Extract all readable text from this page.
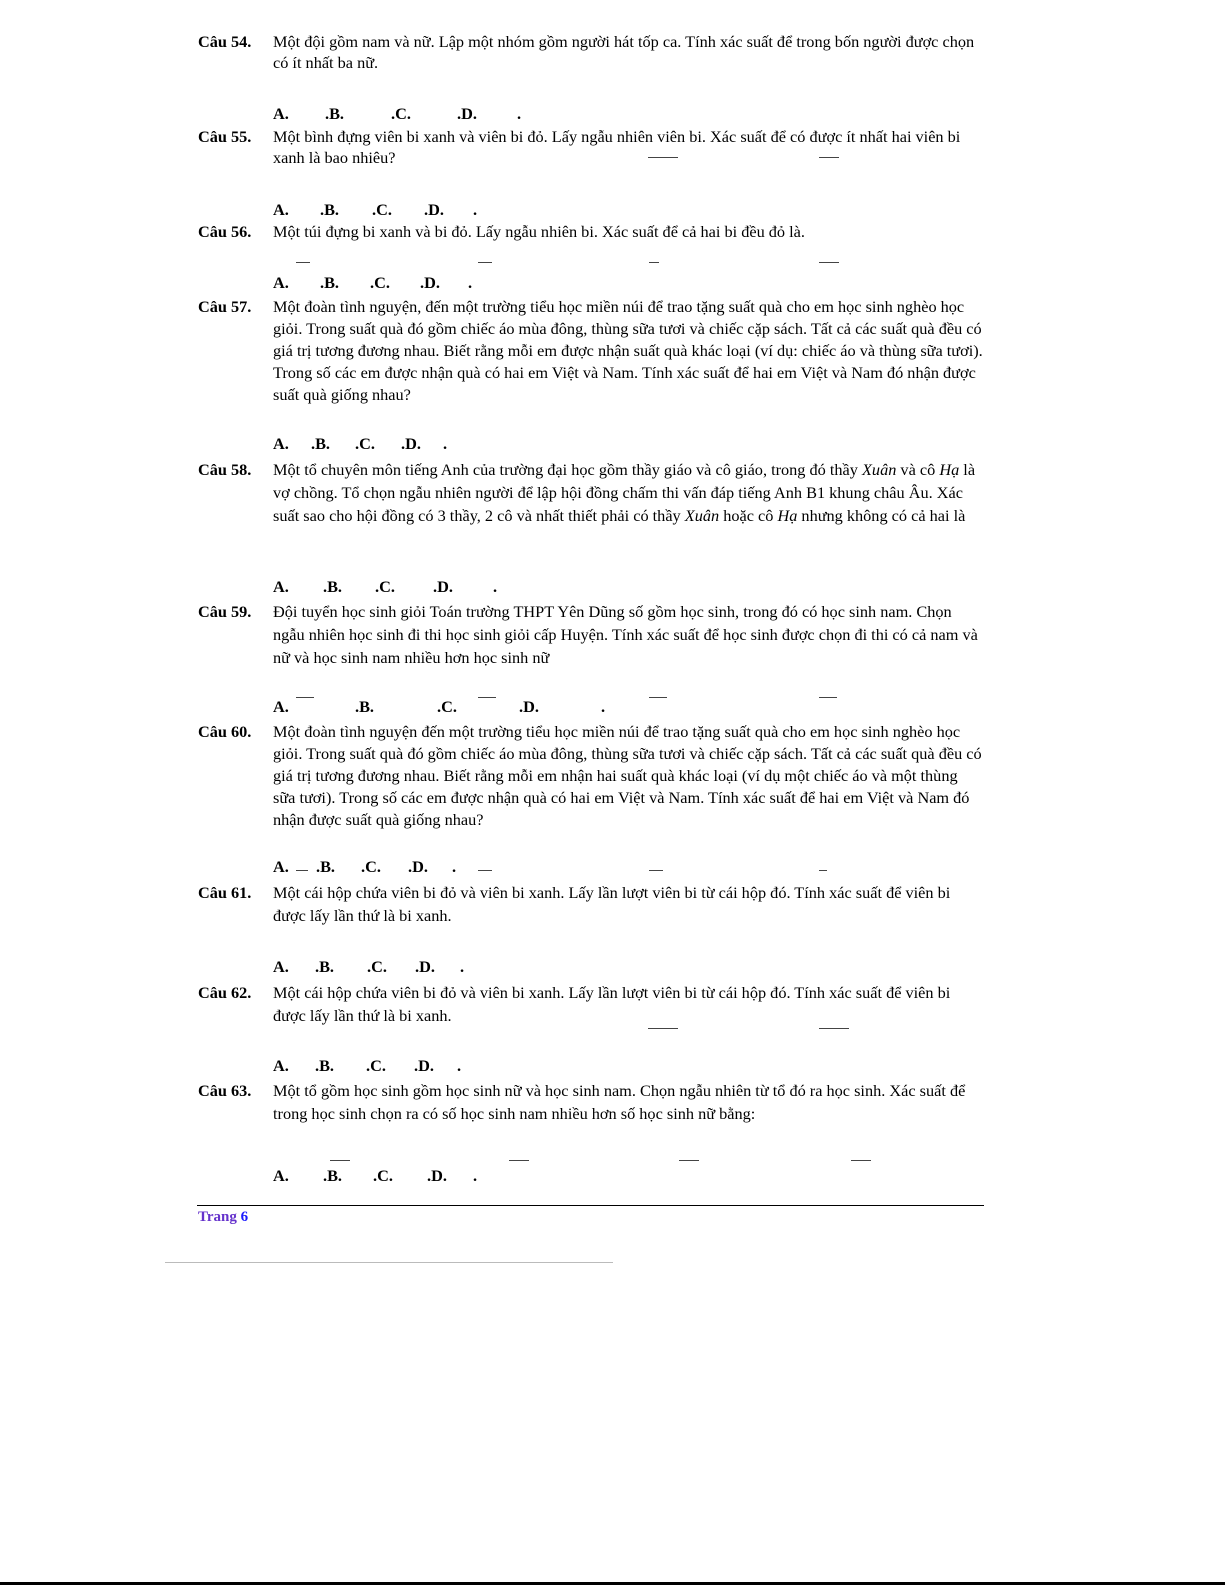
Câu 54. Một đội gồm nam và nữ. Lập một nhóm gồm người hát tốp ca. Tính xác suất để trong bốn người được chọn có ít nhất ba nữ.
A. .B.	.C.	.D. .
Câu 55. Một bình đựng viên bi xanh và viên bi đỏ. Lấy ngẫu nhiên viên bi. Xác suất để có được ít nhất hai viên bi xanh là bao nhiêu?
A. .B. .C. .D. .
Câu 56. Một túi đựng bi xanh và bi đỏ. Lấy ngẫu nhiên bi. Xác suất để cả hai bi đều đỏ là.
A. .B. .C. .D. .
Câu 57. Một đoàn tình nguyện, đến một trường tiểu học miền núi để trao tặng suất quà cho em học sinh nghèo học giỏi. Trong suất quà đó gồm chiếc áo mùa đông, thùng sữa tươi và chiếc cặp sách. Tất cả các suất quà đều có giá trị tương đương nhau. Biết rằng mỗi em được nhận suất quà khác loại (ví dụ: chiếc áo và thùng sữa tươi). Trong số các em được nhận quà có hai em Việt và Nam. Tính xác suất để hai em Việt và Nam đó nhận được suất quà giống nhau?
A. .B. .C. .D. .
Câu 58. Một tổ chuyên môn tiếng Anh của trường đại học gồm thầy giáo và cô giáo, trong đó thầy Xuân và cô Hạ là vợ chồng. Tổ chọn ngẫu nhiên người để lập hội đồng chấm thi vấn đáp tiếng Anh B1 khung châu Âu. Xác suất sao cho hội đồng có 3 thầy, 2 cô và nhất thiết phải có thầy Xuân hoặc cô Hạ nhưng không có cả hai là
A. .B. .C. .D. .
Câu 59. Đội tuyển học sinh giỏi Toán trường THPT Yên Dũng số gồm học sinh, trong đó có học sinh nam. Chọn ngẫu nhiên học sinh đi thi học sinh giỏi cấp Huyện. Tính xác suất để học sinh được chọn đi thi có cả nam và nữ và học sinh nam nhiều hơn học sinh nữ
A.	.B.	.C.	.D.	.
Câu 60. Một đoàn tình nguyện đến một trường tiểu học miền núi để trao tặng suất quà cho em học sinh nghèo học giỏi. Trong suất quà đó gồm chiếc áo mùa đông, thùng sữa tươi và chiếc cặp sách. Tất cả các suất quà đều có giá trị tương đương nhau. Biết rằng mỗi em nhận hai suất quà khác loại (ví dụ một chiếc áo và một thùng sữa tươi). Trong số các em được nhận quà có hai em Việt và Nam. Tính xác suất để hai em Việt và Nam đó nhận được suất quà giống nhau?
A. .B. .C. .D. .
Câu 61. Một cái hộp chứa viên bi đỏ và viên bi xanh. Lấy lần lượt viên bi từ cái hộp đó. Tính xác suất để viên bi được lấy lần thứ là bi xanh.
A. .B. .C. .D. .
Câu 62. Một cái hộp chứa viên bi đỏ và viên bi xanh. Lấy lần lượt viên bi từ cái hộp đó. Tính xác suất để viên bi được lấy lần thứ là bi xanh.
A. .B. .C. .D. .
Câu 63. Một tổ gồm học sinh gồm học sinh nữ và học sinh nam. Chọn ngẫu nhiên từ tổ đó ra học sinh. Xác suất để trong học sinh chọn ra có số học sinh nam nhiều hơn số học sinh nữ bằng:
A. .B. .C. .D. .
Trang 6
